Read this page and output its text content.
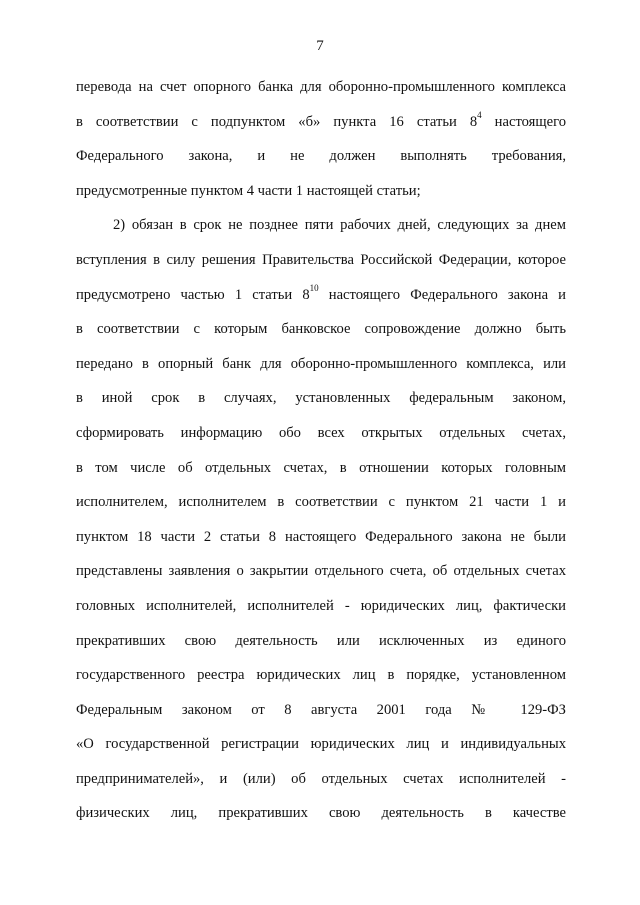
7
перевода на счет опорного банка для оборонно-промышленного комплекса
в соответствии с подпунктом «б» пункта 16 статьи $8^4$ настоящего
Федерального закона, и не должен выполнять требования,
предусмотренные пунктом 4 части 1 настоящей статьи;
2) обязан в срок не позднее пяти рабочих дней, следующих за днем
вступления в силу решения Правительства Российской Федерации, которое
предусмотрено частью 1 статьи $8^{10}$ настоящего Федерального закона и
в соответствии с которым банковское сопровождение должно быть
передано в опорный банк для оборонно-промышленного комплекса, или
в иной срок в случаях, установленных федеральным законом,
сформировать информацию обо всех открытых отдельных счетах,
в том числе об отдельных счетах, в отношении которых головным
исполнителем, исполнителем в соответствии с пунктом 21 части 1 и
пунктом 18 части 2 статьи 8 настоящего Федерального закона не были
представлены заявления о закрытии отдельного счета, об отдельных счетах
головных исполнителей, исполнителей - юридических лиц, фактически
прекративших свою деятельность или исключенных из единого
государственного реестра юридических лиц в порядке, установленном
Федеральным законом от 8 августа 2001 года № 129-ФЗ
«О государственной регистрации юридических лиц и индивидуальных
предпринимателей», и (или) об отдельных счетах исполнителей -
физических лиц, прекративших свою деятельность в качестве
